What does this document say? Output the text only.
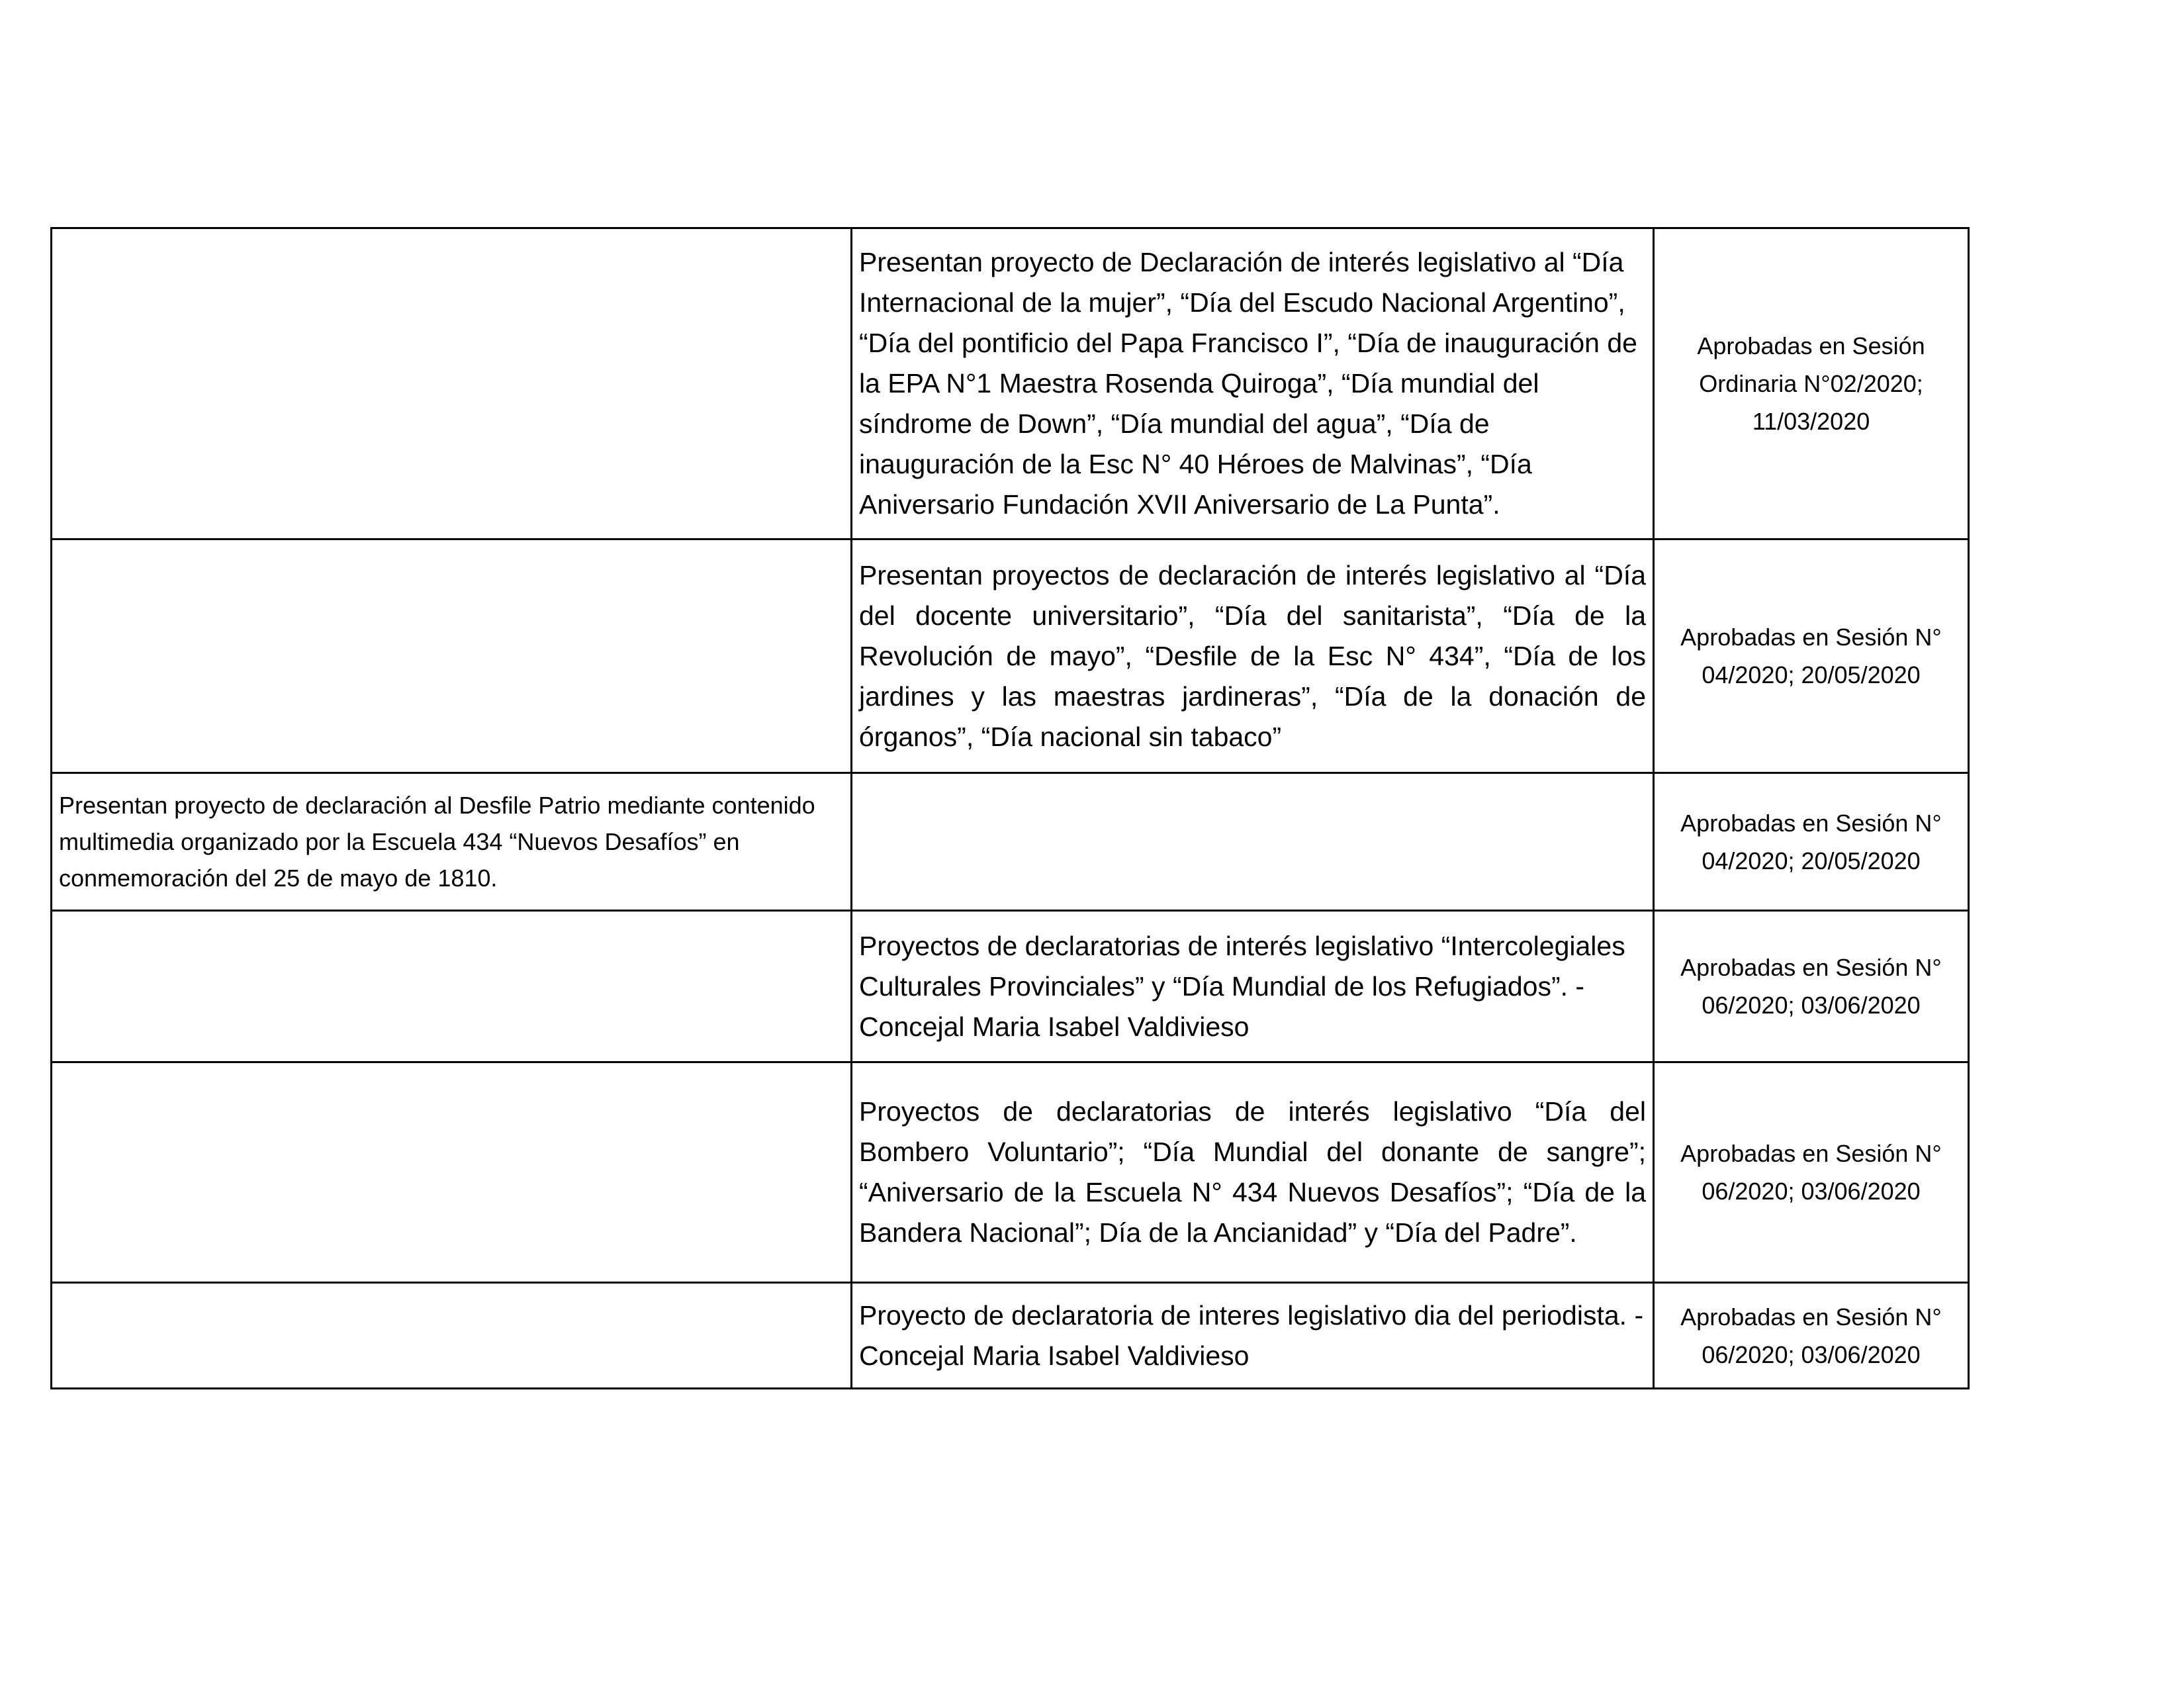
	Presentan proyecto de Declaración de interés legislativo al “Día Internacional de la mujer”, “Día del Escudo Nacional Argentino”, “Día del pontificio del Papa Francisco I”, “Día de inauguración de la EPA N°1 Maestra Rosenda Quiroga”, “Día mundial del síndrome de Down”, “Día mundial del agua”, “Día de inauguración de la Esc N° 40 Héroes de Malvinas”, “Día Aniversario Fundación XVII Aniversario de La Punta”.	Aprobadas en Sesión Ordinaria N°02/2020; 11/03/2020

	Presentan proyectos de declaración de interés legislativo al “Día del docente universitario”, “Día del sanitarista”, “Día de la Revolución de mayo”, “Desfile de la Esc N° 434”, “Día de los jardines y las maestras jardineras”, “Día de la donación de órganos”, “Día nacional sin tabaco”	Aprobadas en Sesión N° 04/2020; 20/05/2020

Presentan proyecto de declaración al Desfile Patrio mediante contenido multimedia organizado por la Escuela 434 “Nuevos Desafíos” en conmemoración del 25 de mayo de 1810.		Aprobadas en Sesión N° 04/2020; 20/05/2020

	Proyectos de declaratorias de interés legislativo “Intercolegiales Culturales Provinciales” y “Día Mundial de los Refugiados”. - Concejal Maria Isabel Valdivieso	Aprobadas en Sesión N° 06/2020; 03/06/2020

	Proyectos de declaratorias de interés legislativo “Día del Bombero Voluntario”; “Día Mundial del donante de sangre”; “Aniversario de la Escuela N° 434 Nuevos Desafíos”; “Día de la Bandera Nacional”; Día de la Ancianidad” y “Día del Padre”.	Aprobadas en Sesión N° 06/2020; 03/06/2020

	Proyecto de declaratoria de interes legislativo dia del periodista. - Concejal Maria Isabel Valdivieso	Aprobadas en Sesión N° 06/2020; 03/06/2020
